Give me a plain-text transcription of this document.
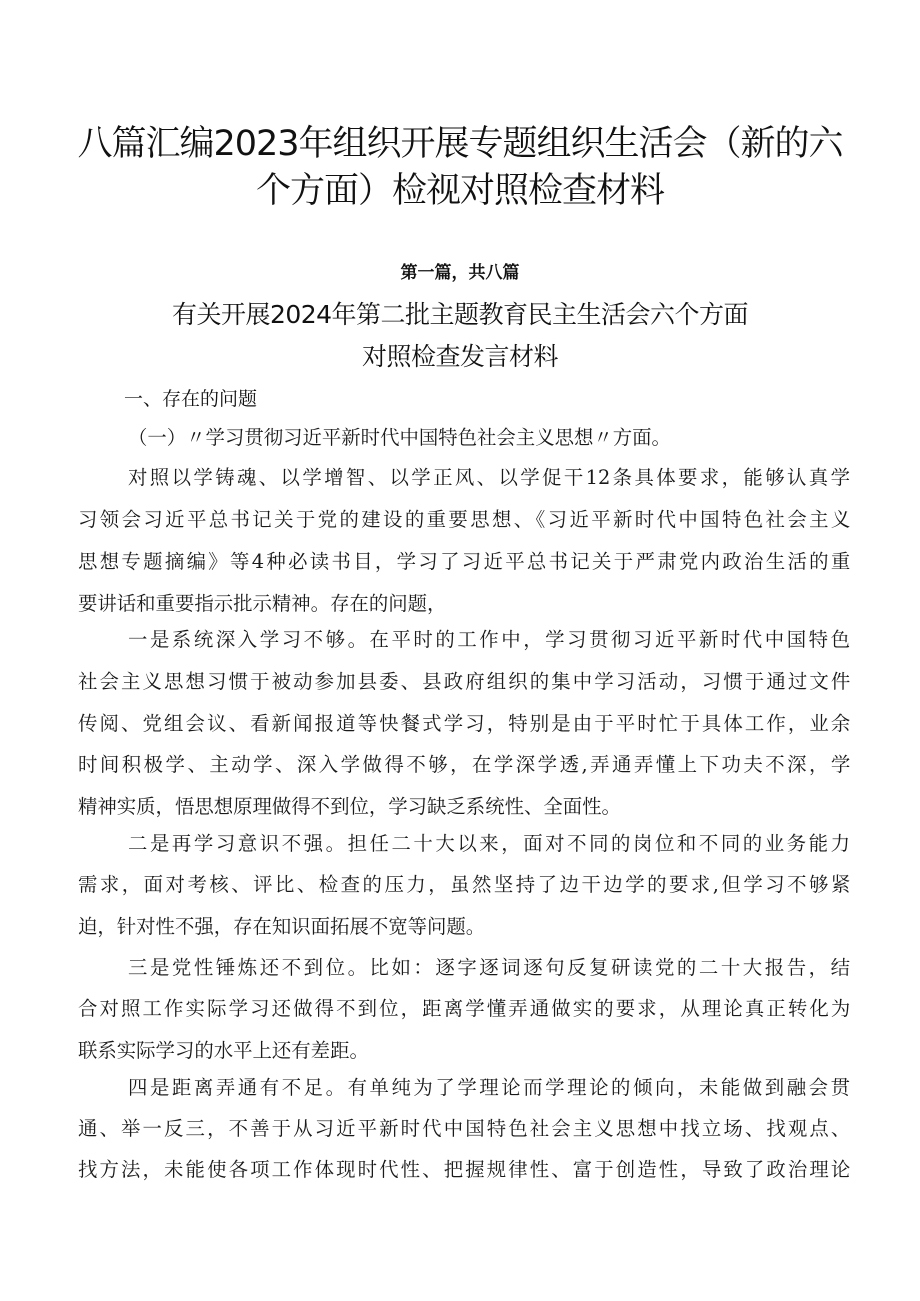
八篇汇编2023年组织开展专题组织生活会（新的六
个方面）检视对照检查材料
第一篇，共八篇
有关开展2024年第二批主题教育民主生活会六个方面
对照检查发言材料
一、存在的问题
（一）〃学习贯彻习近平新时代中国特色社会主义思想〃方面。
对照以学铸魂、以学增智、以学正风、以学促干12条具体要求，能够认真学
习领会习近平总书记关于党的建设的重要思想、《习近平新时代中国特色社会主义
思想专题摘编》等4种必读书目，学习了习近平总书记关于严肃党内政治生活的重
要讲话和重要指示批示精神。存在的问题，
一是系统深入学习不够。在平时的工作中，学习贯彻习近平新时代中国特色
社会主义思想习惯于被动参加县委、县政府组织的集中学习活动，习惯于通过文件
传阅、党组会议、看新闻报道等快餐式学习，特别是由于平时忙于具体工作，业余
时间积极学、主动学、深入学做得不够，在学深学透,弄通弄懂上下功夫不深，学
精神实质，悟思想原理做得不到位，学习缺乏系统性、全面性。
二是再学习意识不强。担任二十大以来，面对不同的岗位和不同的业务能力
需求，面对考核、评比、检查的压力，虽然坚持了边干边学的要求,但学习不够紧
迫，针对性不强，存在知识面拓展不宽等问题。
三是党性锤炼还不到位。比如：逐字逐词逐句反复研读党的二十大报告，结
合对照工作实际学习还做得不到位，距离学懂弄通做实的要求，从理论真正转化为
联系实际学习的水平上还有差距。
四是距离弄通有不足。有单纯为了学理论而学理论的倾向，未能做到融会贯
通、举一反三，不善于从习近平新时代中国特色社会主义思想中找立场、找观点、
找方法，未能使各项工作体现时代性、把握规律性、富于创造性，导致了政治理论
